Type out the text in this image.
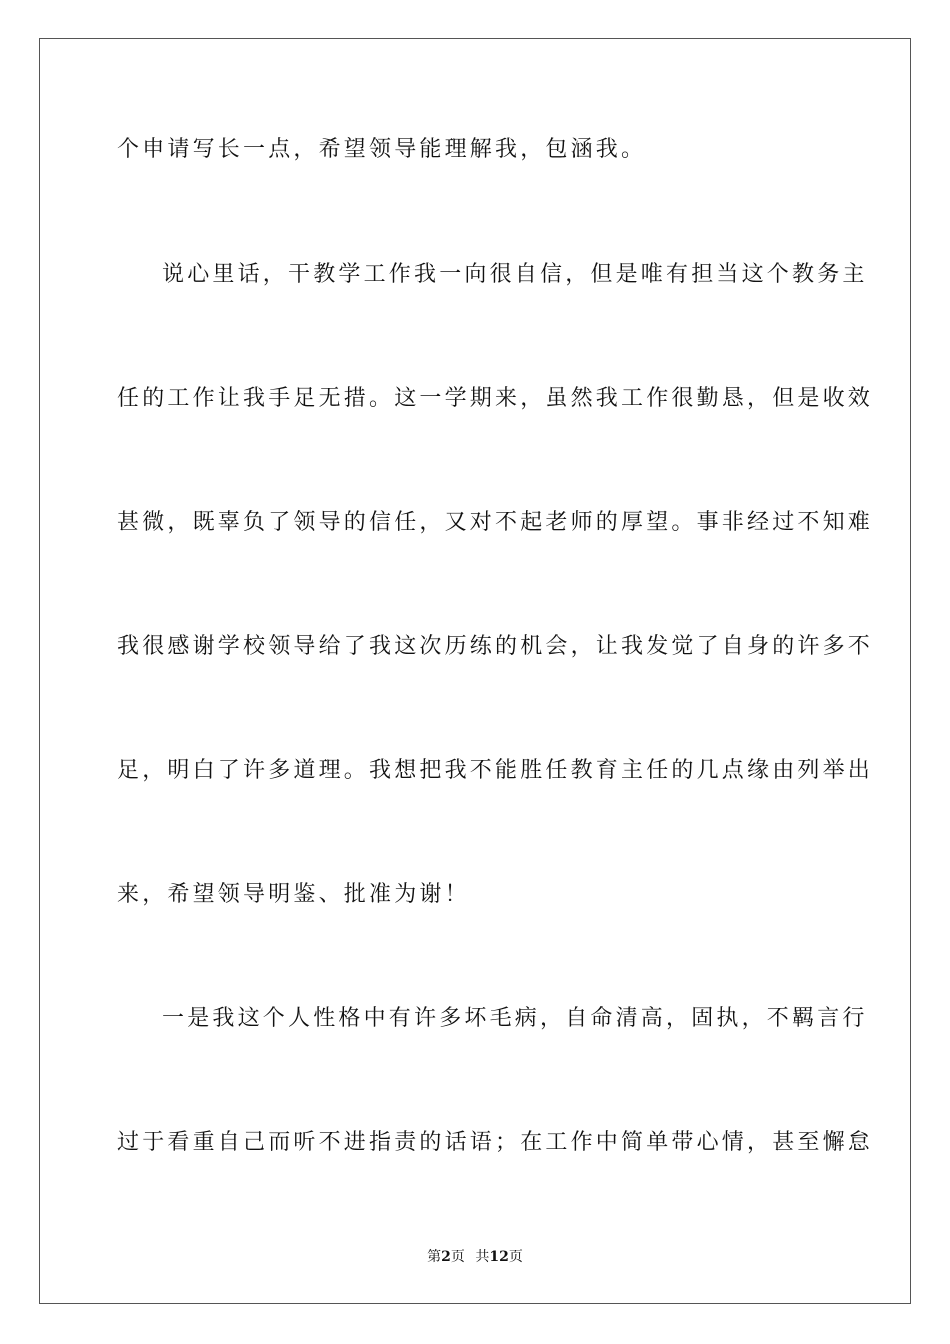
个申请写长一点，希望领导能理解我，包涵我。
说心里话，干教学工作我一向很自信，但是唯有担当这个教务主
任的工作让我手足无措。这一学期来，虽然我工作很勤恳，但是收效
甚微，既辜负了领导的信任，又对不起老师的厚望。事非经过不知难
我很感谢学校领导给了我这次历练的机会，让我发觉了自身的许多不
足，明白了许多道理。我想把我不能胜任教育主任的几点缘由列举出
来，希望领导明鉴、批准为谢！
一是我这个人性格中有许多坏毛病，自命清高，固执，不羁言行
过于看重自己而听不进指责的话语；在工作中简单带心情，甚至懈怠
第2页 共12页
